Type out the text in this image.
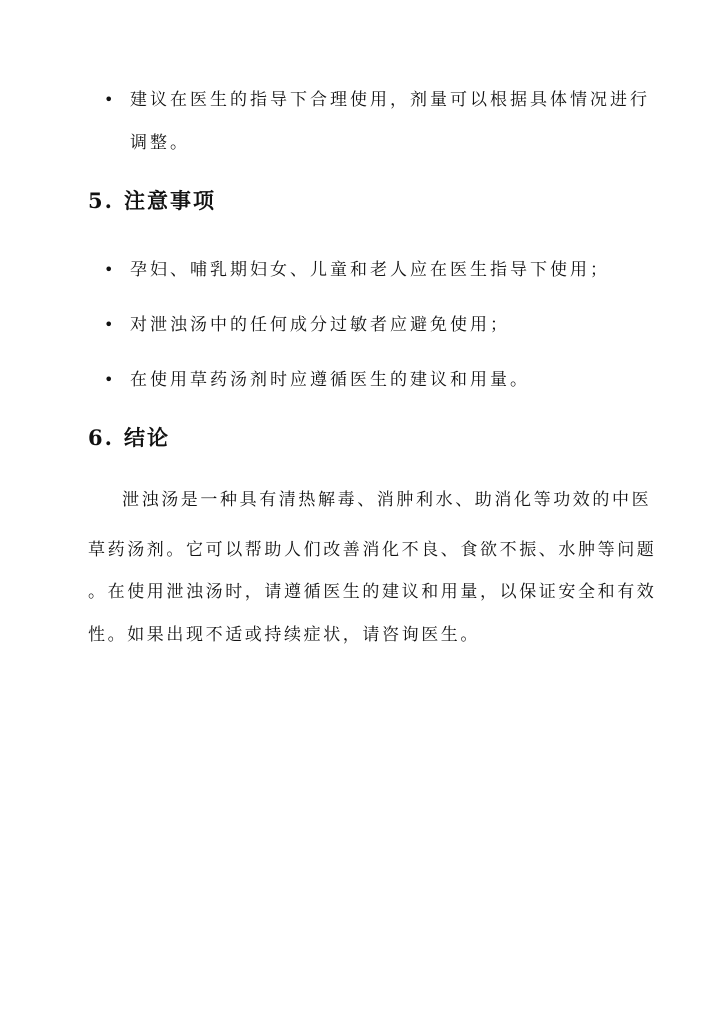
• 建议在医生的指导下合理使用，剂量可以根据具体情况进行
调整。
5. 注意事项
• 孕妇、哺乳期妇女、儿童和老人应在医生指导下使用；
• 对泄浊汤中的任何成分过敏者应避免使用；
• 在使用草药汤剂时应遵循医生的建议和用量。
6. 结论
泄浊汤是一种具有清热解毒、消肿利水、助消化等功效的中医
草药汤剂。它可以帮助人们改善消化不良、食欲不振、水肿等问题
。在使用泄浊汤时，请遵循医生的建议和用量，以保证安全和有效
性。如果出现不适或持续症状，请咨询医生。
